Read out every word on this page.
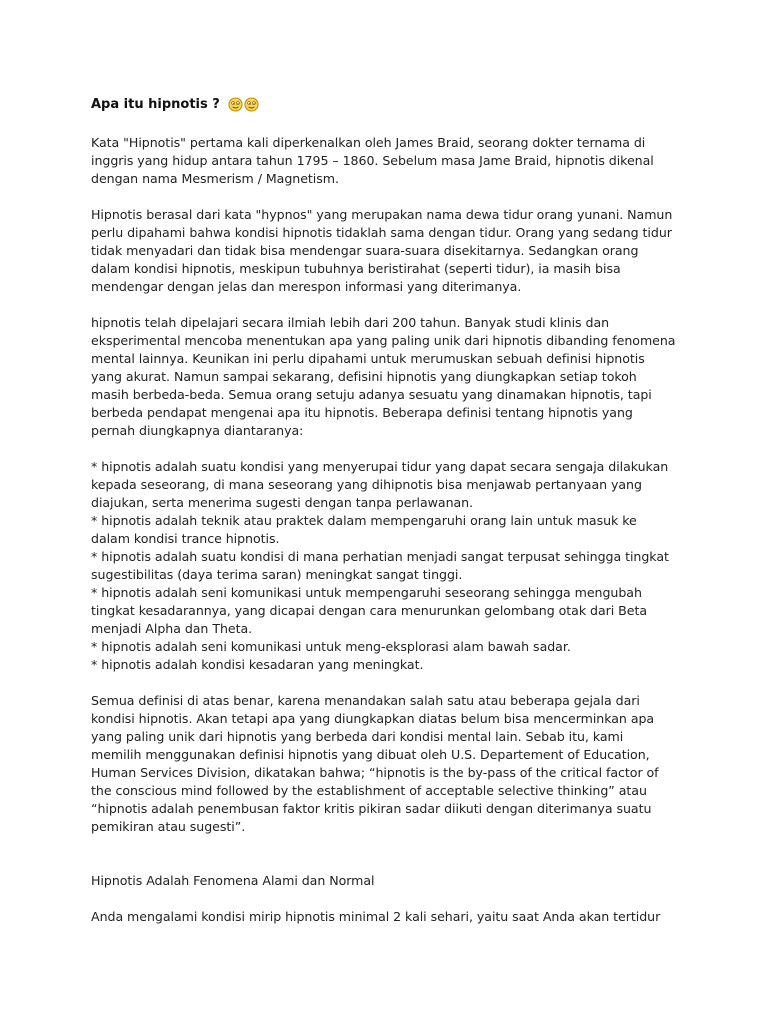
Apa itu hipnotis ?

Kata "Hipnotis" pertama kali diperkenalkan oleh James Braid, seorang dokter ternama di
inggris yang hidup antara tahun 1795 – 1860. Sebelum masa Jame Braid, hipnotis dikenal
dengan nama Mesmerism / Magnetism.

Hipnotis berasal dari kata "hypnos" yang merupakan nama dewa tidur orang yunani. Namun
perlu dipahami bahwa kondisi hipnotis tidaklah sama dengan tidur. Orang yang sedang tidur
tidak menyadari dan tidak bisa mendengar suara-suara disekitarnya. Sedangkan orang
dalam kondisi hipnotis, meskipun tubuhnya beristirahat (seperti tidur), ia masih bisa
mendengar dengan jelas dan merespon informasi yang diterimanya.

hipnotis telah dipelajari secara ilmiah lebih dari 200 tahun. Banyak studi klinis dan
eksperimental mencoba menentukan apa yang paling unik dari hipnotis dibanding fenomena
mental lainnya. Keunikan ini perlu dipahami untuk merumuskan sebuah definisi hipnotis
yang akurat. Namun sampai sekarang, defisini hipnotis yang diungkapkan setiap tokoh
masih berbeda-beda. Semua orang setuju adanya sesuatu yang dinamakan hipnotis, tapi
berbeda pendapat mengenai apa itu hipnotis. Beberapa definisi tentang hipnotis yang
pernah diungkapnya diantaranya:

* hipnotis adalah suatu kondisi yang menyerupai tidur yang dapat secara sengaja dilakukan
kepada seseorang, di mana seseorang yang dihipnotis bisa menjawab pertanyaan yang
diajukan, serta menerima sugesti dengan tanpa perlawanan.
* hipnotis adalah teknik atau praktek dalam mempengaruhi orang lain untuk masuk ke
dalam kondisi trance hipnotis.
* hipnotis adalah suatu kondisi di mana perhatian menjadi sangat terpusat sehingga tingkat
sugestibilitas (daya terima saran) meningkat sangat tinggi.
* hipnotis adalah seni komunikasi untuk mempengaruhi seseorang sehingga mengubah
tingkat kesadarannya, yang dicapai dengan cara menurunkan gelombang otak dari Beta
menjadi Alpha dan Theta.
* hipnotis adalah seni komunikasi untuk meng-eksplorasi alam bawah sadar.
* hipnotis adalah kondisi kesadaran yang meningkat.

Semua definisi di atas benar, karena menandakan salah satu atau beberapa gejala dari
kondisi hipnotis. Akan tetapi apa yang diungkapkan diatas belum bisa mencerminkan apa
yang paling unik dari hipnotis yang berbeda dari kondisi mental lain. Sebab itu, kami
memilih menggunakan definisi hipnotis yang dibuat oleh U.S. Departement of Education,
Human Services Division, dikatakan bahwa; “hipnotis is the by-pass of the critical factor of
the conscious mind followed by the establishment of acceptable selective thinking” atau
“hipnotis adalah penembusan faktor kritis pikiran sadar diikuti dengan diterimanya suatu
pemikiran atau sugesti”.

Hipnotis Adalah Fenomena Alami dan Normal

Anda mengalami kondisi mirip hipnotis minimal 2 kali sehari, yaitu saat Anda akan tertidur
